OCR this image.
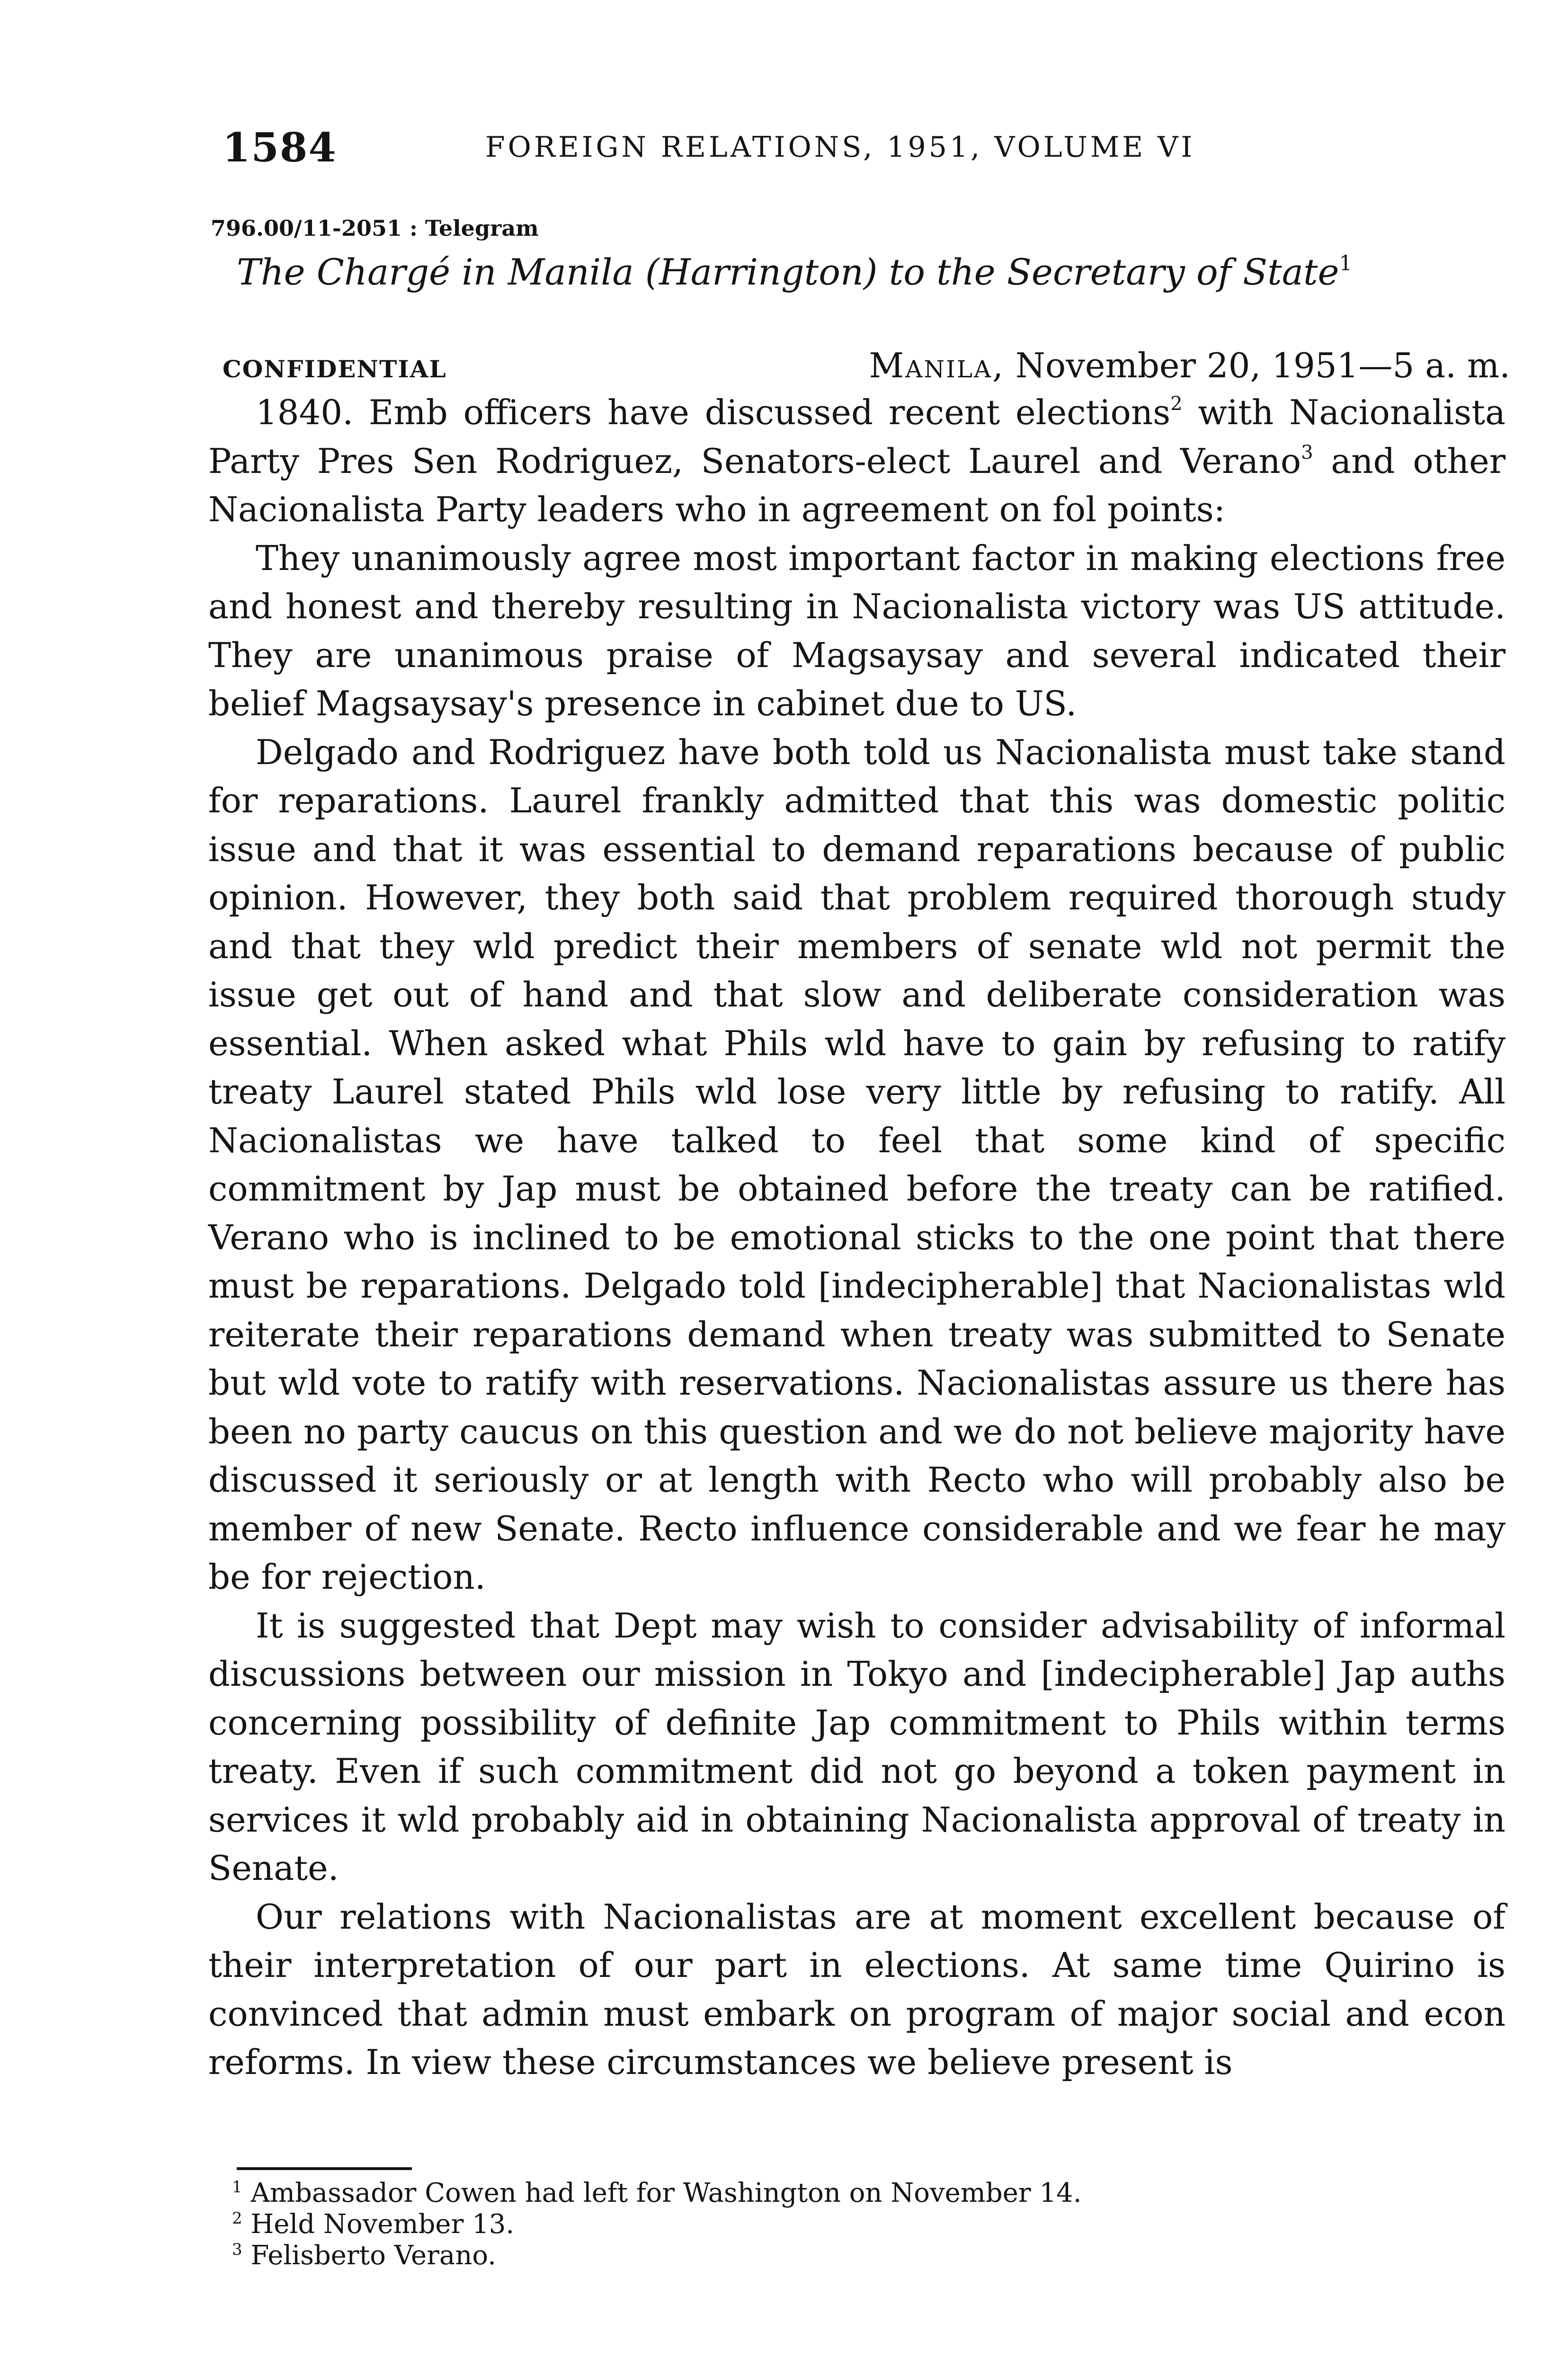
1584	FOREIGN RELATIONS, 1951, VOLUME VI
796.00/11-2051 : Telegram
The Chargé in Manila (Harrington) to the Secretary of State$^1$
CONFIDENTIAL	Manila, November 20, 1951—5 a. m.

1840. Emb officers have discussed recent elections$^2$ with Nacionalista Party Pres Sen Rodriguez, Senators-elect Laurel and Verano$^3$ and other Nacionalista Party leaders who in agreement on fol points:

They unanimously agree most important factor in making elections free and honest and thereby resulting in Nacionalista victory was US attitude. They are unanimous praise of Magsaysay and several indicated their belief Magsaysay's presence in cabinet due to US.

Delgado and Rodriguez have both told us Nacionalista must take stand for reparations. Laurel frankly admitted that this was domestic politic issue and that it was essential to demand reparations because of public opinion. However, they both said that problem required thorough study and that they wld predict their members of senate wld not permit the issue get out of hand and that slow and deliberate consideration was essential. When asked what Phils wld have to gain by refusing to ratify treaty Laurel stated Phils wld lose very little by refusing to ratify. All Nacionalistas we have talked to feel that some kind of specific commitment by Jap must be obtained before the treaty can be ratified. Verano who is inclined to be emotional sticks to the one point that there must be reparations. Delgado told [indecipherable] that Nacionalistas wld reiterate their reparations demand when treaty was submitted to Senate but wld vote to ratify with reservations. Nacionalistas assure us there has been no party caucus on this question and we do not believe majority have discussed it seriously or at length with Recto who will probably also be member of new Senate. Recto influence considerable and we fear he may be for rejection.

It is suggested that Dept may wish to consider advisability of informal discussions between our mission in Tokyo and [indecipherable] Jap auths concerning possibility of definite Jap commitment to Phils within terms treaty. Even if such commitment did not go beyond a token payment in services it wld probably aid in obtaining Nacionalista approval of treaty in Senate.

Our relations with Nacionalistas are at moment excellent because of their interpretation of our part in elections. At same time Quirino is convinced that admin must embark on program of major social and econ reforms. In view these circumstances we believe present is

$^1$ Ambassador Cowen had left for Washington on November 14.
$^2$ Held November 13.
$^3$ Felisberto Verano.
